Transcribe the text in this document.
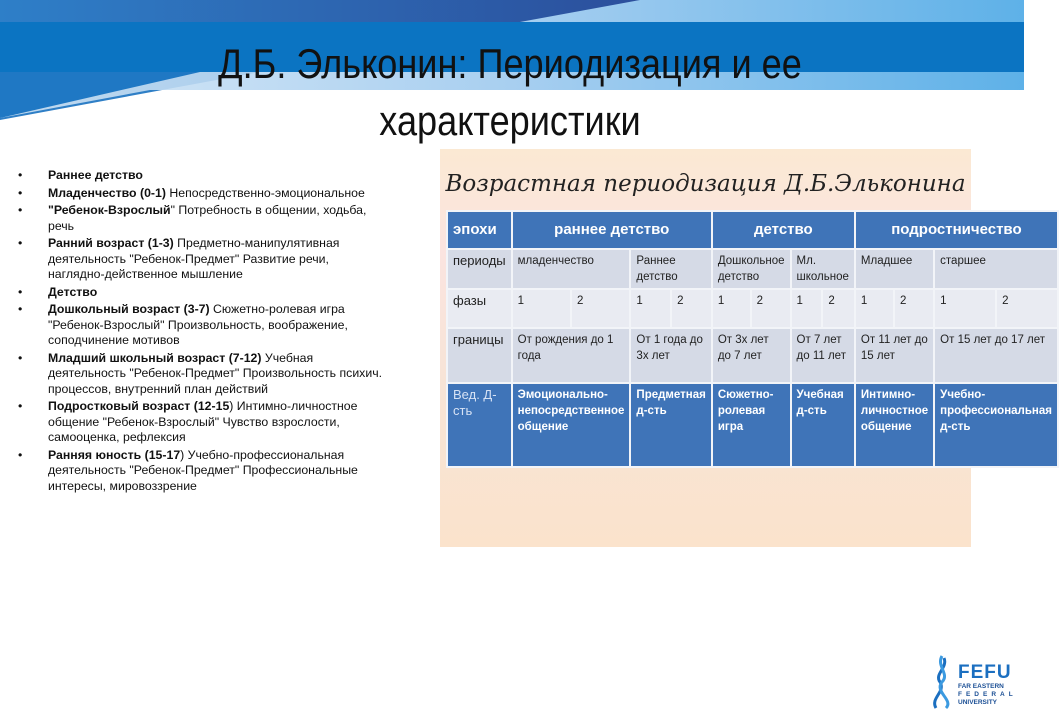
Д.Б. Эльконин: Периодизация и ее
характеристики
• Раннее детство
• Младенчество (0-1) Непосредственно-эмоциональное
• "Ребенок-Взрослый" Потребность в общении, ходьба, речь
• Ранний возраст (1-3) Предметно-манипулятивная деятельность "Ребенок-Предмет" Развитие речи, наглядно-действенное мышление
• Детство
• Дошкольный возраст (3-7) Сюжетно-ролевая игра "Ребенок-Взрослый" Произвольность, воображение, соподчинение мотивов
• Младший школьный возраст (7-12) Учебная деятельность "Ребенок-Предмет" Произвольность психич. процессов, внутренний план действий
• Подростковый возраст (12-15) Интимно-личностное общение "Ребенок-Взрослый" Чувство взрослости, самооценка, рефлексия
• Ранняя юность (15-17) Учебно-профессиональная деятельность "Ребенок-Предмет" Профессиональные интересы, мировоззрение
Возрастная периодизация Д.Б.Эльконина
эпохи	раннее детство				детство				подростничество			
периоды	младенчество		Раннее детство		Дошкольное детство		Мл. школьное		Младшее		старшее	
фазы	1	2	1	2	1	2	1	2	1	2	1	2
границы	От рождения до 1 года		От 1 года до 3х лет		От 3х лет до 7 лет		От 7 лет до 11 лет		От 11 лет до 15 лет		От 15 лет до 17 лет	
Вед. Д-сть	Эмоционально-непосредственное общение		Предметная д-сть		Сюжетно-ролевая игра		Учебная д-сть		Интимно-личностное общение		Учебно-профессиональная д-сть	
FEFU
FAR EASTERN
FEDERAL
UNIVERSITY
